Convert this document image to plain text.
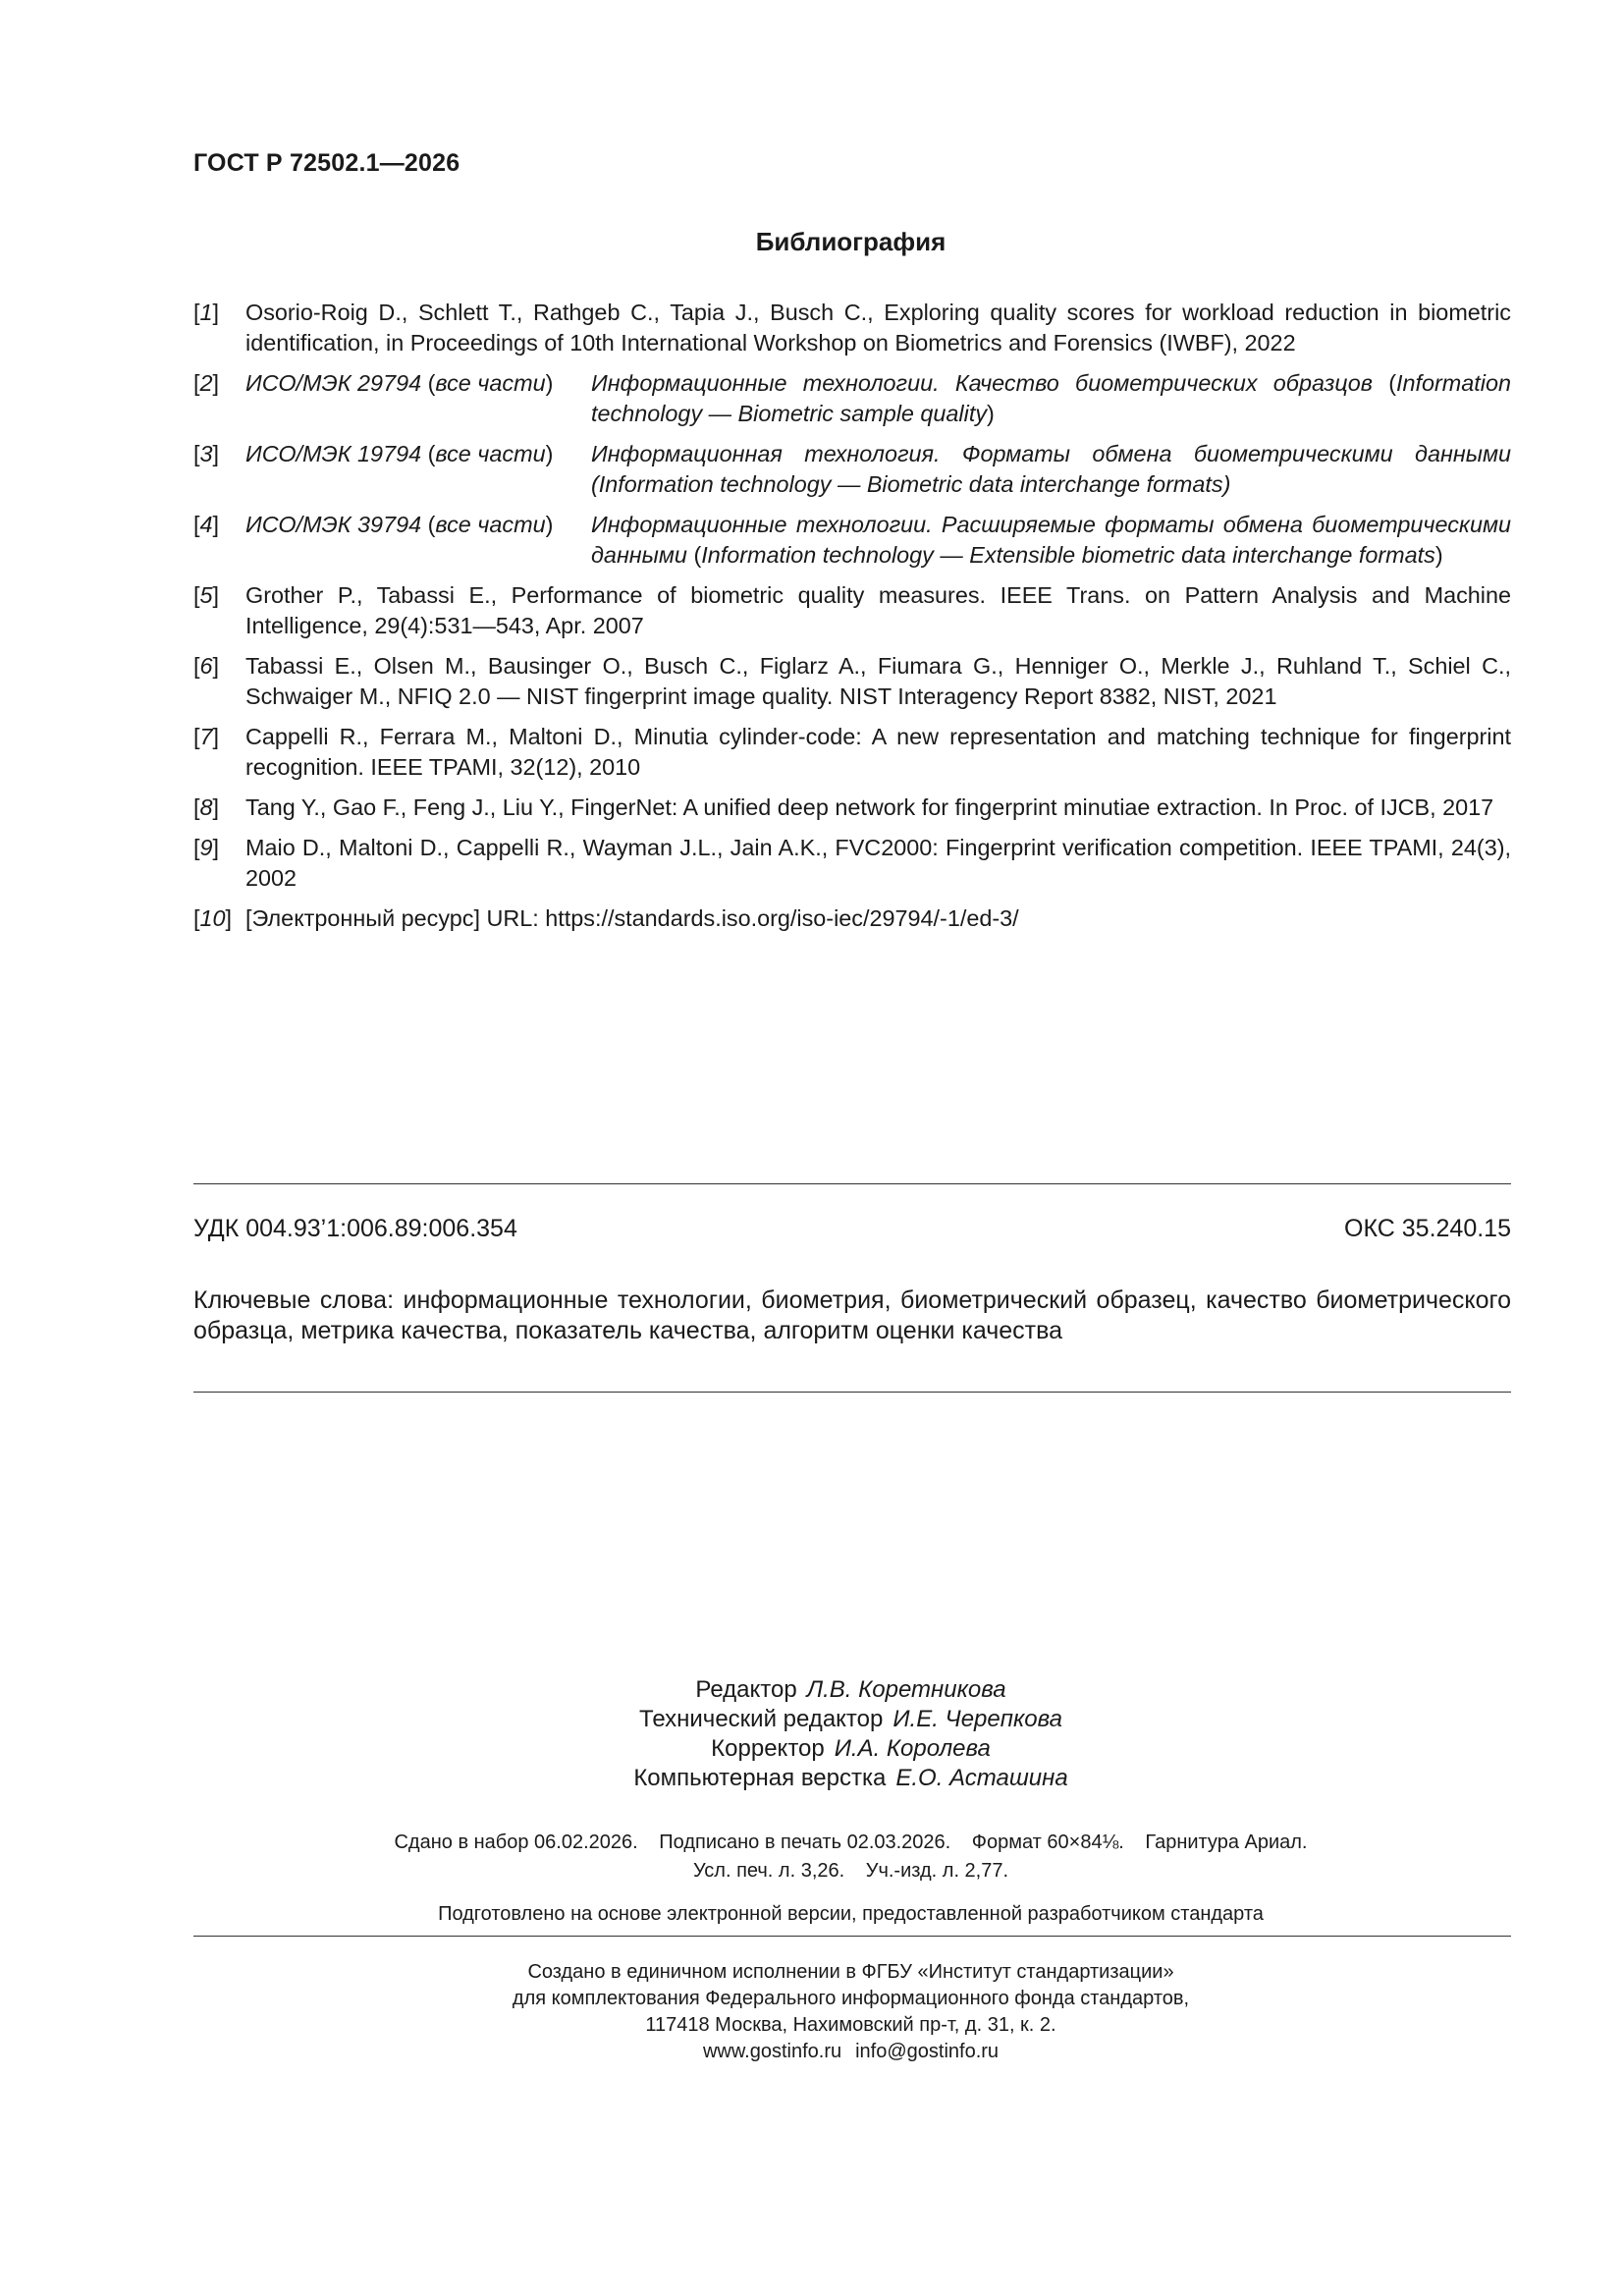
ГОСТ Р 72502.1—2026
Библиография
[1] Osorio-Roig D., Schlett T., Rathgeb C., Tapia J., Busch C., Exploring quality scores for workload reduction in biometric identification, in Proceedings of 10th International Workshop on Biometrics and Forensics (IWBF), 2022
[2] ИСО/МЭК 29794 (все части) Информационные технологии. Качество биометрических образцов (Information technology — Biometric sample quality)
[3] ИСО/МЭК 19794 (все части) Информационная технология. Форматы обмена биометрическими данными (Information technology — Biometric data interchange formats)
[4] ИСО/МЭК 39794 (все части) Информационные технологии. Расширяемые форматы обмена биометрическими данными (Information technology — Extensible biometric data interchange formats)
[5] Grother P., Tabassi E., Performance of biometric quality measures. IEEE Trans. on Pattern Analysis and Machine Intelligence, 29(4):531—543, Apr. 2007
[6] Tabassi E., Olsen M., Bausinger O., Busch C., Figlarz A., Fiumara G., Henniger O., Merkle J., Ruhland T., Schiel C., Schwaiger M., NFIQ 2.0 — NIST fingerprint image quality. NIST Interagency Report 8382, NIST, 2021
[7] Cappelli R., Ferrara M., Maltoni D., Minutia cylinder-code: A new representation and matching technique for fingerprint recognition. IEEE TPAMI, 32(12), 2010
[8] Tang Y., Gao F., Feng J., Liu Y., FingerNet: A unified deep network for fingerprint minutiae extraction. In Proc. of IJCB, 2017
[9] Maio D., Maltoni D., Cappelli R., Wayman J.L., Jain A.K., FVC2000: Fingerprint verification competition. IEEE TPAMI, 24(3), 2002
[10] [Электронный ресурс] URL: https://standards.iso.org/iso-iec/29794/-1/ed-3/
УДК 004.93’1:006.89:006.354	ОКС 35.240.15
Ключевые слова: информационные технологии, биометрия, биометрический образец, качество биометрического образца, метрика качества, показатель качества, алгоритм оценки качества
Редактор Л.В. Коретникова
Технический редактор И.Е. Черепкова
Корректор И.А. Королева
Компьютерная верстка Е.О. Асташина
Сдано в набор 06.02.2026. Подписано в печать 02.03.2026. Формат 60×84⅛. Гарнитура Ариал.
Усл. печ. л. 3,26. Уч.-изд. л. 2,77.
Подготовлено на основе электронной версии, предоставленной разработчиком стандарта
Создано в единичном исполнении в ФГБУ «Институт стандартизации»
для комплектования Федерального информационного фонда стандартов,
117418 Москва, Нахимовский пр-т, д. 31, к. 2.
www.gostinfo.ru info@gostinfo.ru
